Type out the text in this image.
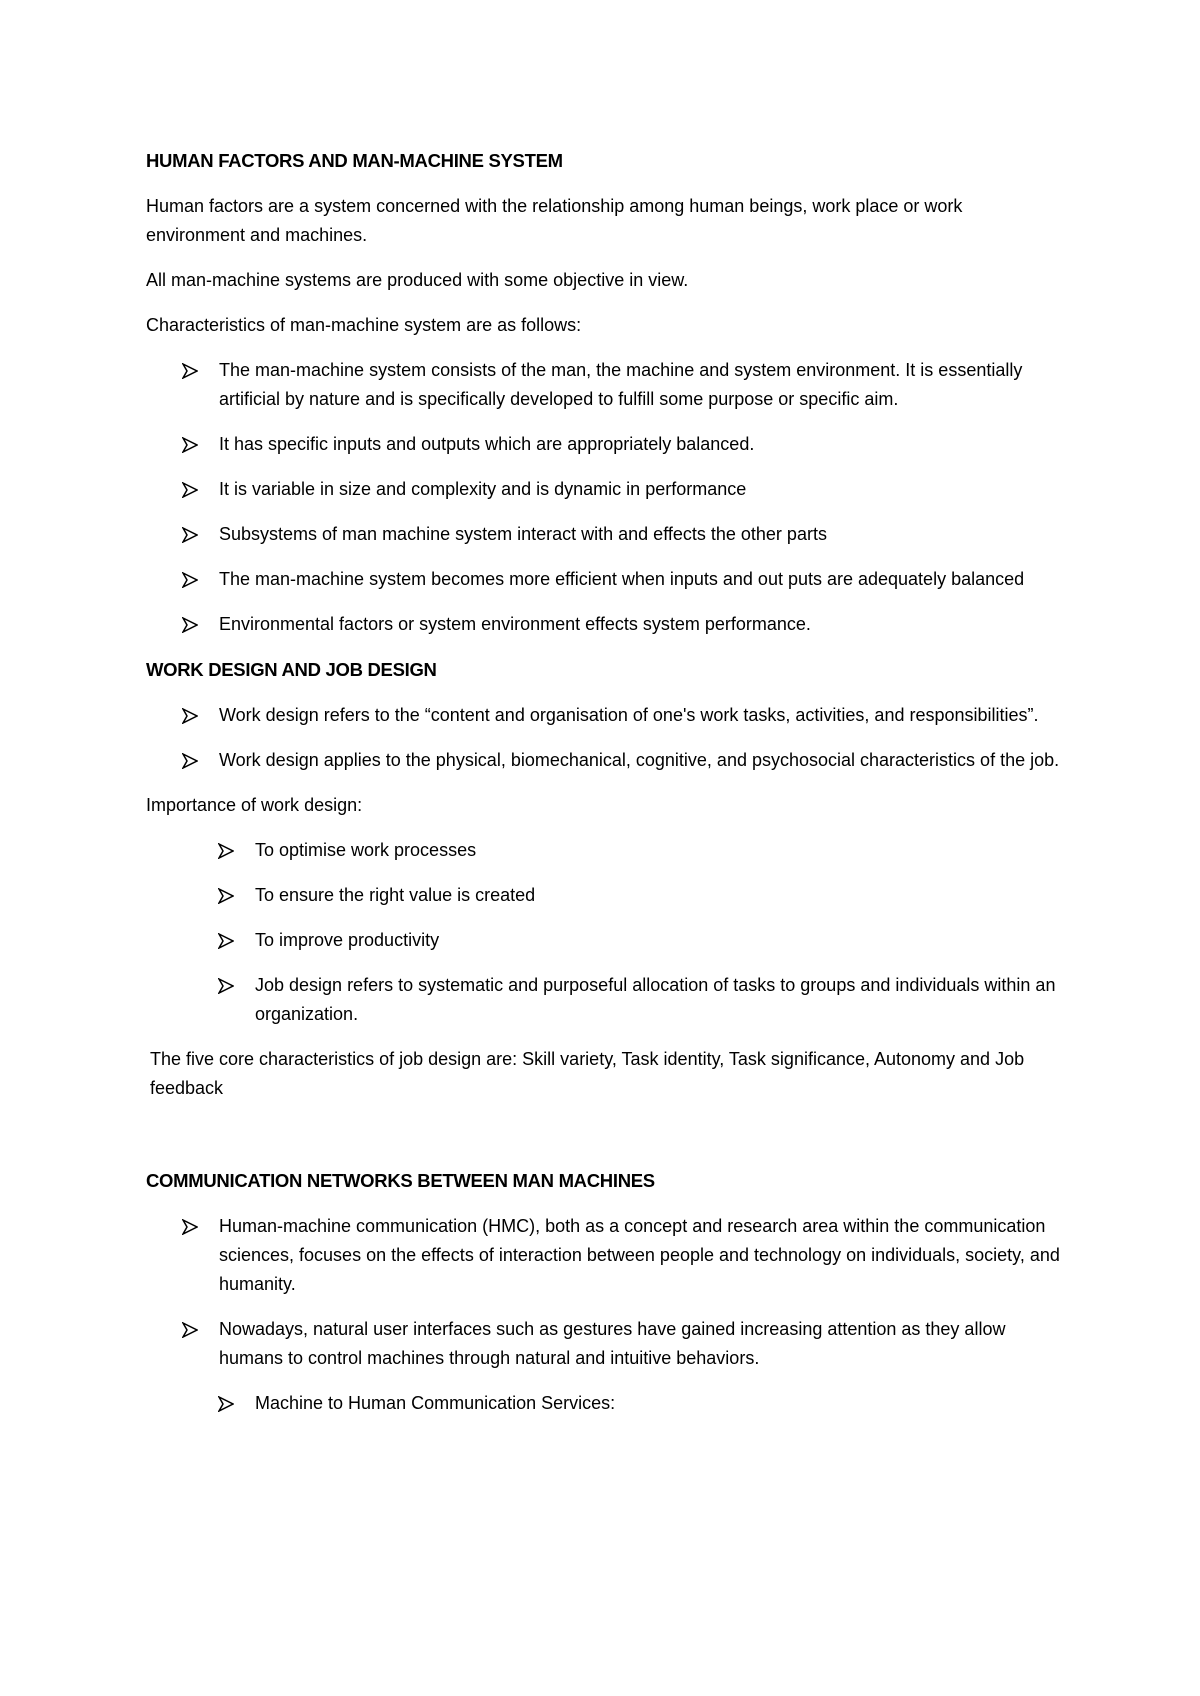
HUMAN FACTORS AND MAN-MACHINE SYSTEM
Human factors are a system concerned with the relationship among human beings, work place or work environment and machines.
All man-machine systems are produced with some objective in view.
Characteristics of man-machine system are as follows:
The man-machine system consists of the man, the machine and system environment. It is essentially artificial by nature and is specifically developed to fulfill some purpose or specific aim.
It has specific inputs and outputs which are appropriately balanced.
It is variable in size and complexity and is dynamic in performance
Subsystems of man machine system interact with and effects the other parts
The man-machine system becomes more efficient when inputs and out puts are adequately balanced
Environmental factors or system environment effects system performance.
WORK DESIGN AND JOB DESIGN
Work design refers to the “content and organisation of one's work tasks, activities, and responsibilities”.
Work design applies to the physical, biomechanical, cognitive, and psychosocial characteristics of the job.
Importance of work design:
To optimise work processes
To ensure the right value is created
To improve productivity
Job design refers to systematic and purposeful allocation of tasks to groups and individuals within an organization.
The five core characteristics of job design are: Skill variety, Task identity, Task significance, Autonomy and Job feedback
COMMUNICATION NETWORKS BETWEEN MAN MACHINES
Human-machine communication (HMC), both as a concept and research area within the communication sciences, focuses on the effects of interaction between people and technology on individuals, society, and humanity.
Nowadays, natural user interfaces such as gestures have gained increasing attention as they allow humans to control machines through natural and intuitive behaviors.
Machine to Human Communication Services:
